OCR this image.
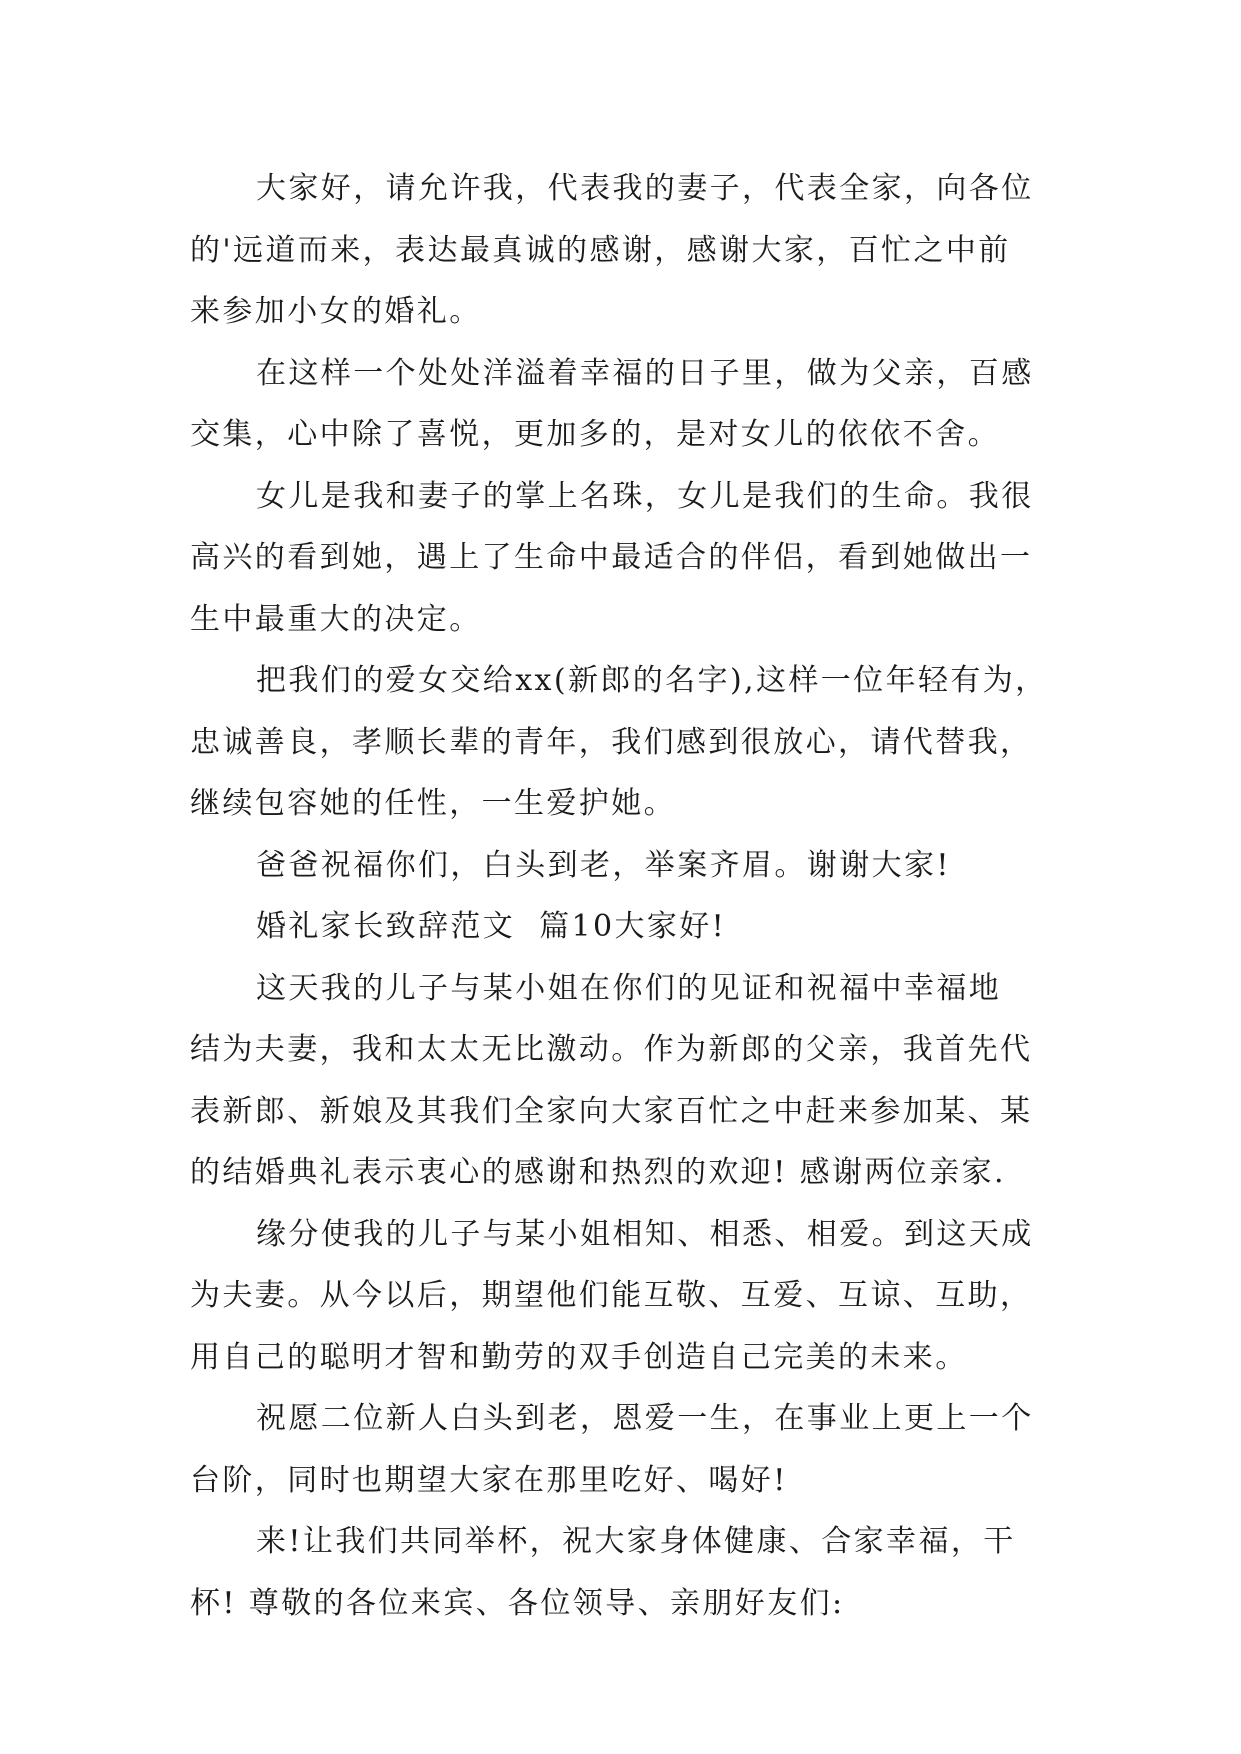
大家好，请允许我，代表我的妻子，代表全家，向各位
的'远道而来，表达最真诚的感谢，感谢大家，百忙之中前
来参加小女的婚礼。
在这样一个处处洋溢着幸福的日子里，做为父亲，百感
交集，心中除了喜悦，更加多的，是对女儿的依依不舍。
女儿是我和妻子的掌上名珠，女儿是我们的生命。我很
高兴的看到她，遇上了生命中最适合的伴侣，看到她做出一
生中最重大的决定。
把我们的爱女交给xx(新郎的名字),这样一位年轻有为，
忠诚善良，孝顺长辈的青年，我们感到很放心，请代替我，
继续包容她的任性，一生爱护她。
爸爸祝福你们，白头到老，举案齐眉。谢谢大家!
婚礼家长致辞范文  篇10大家好!
这天我的儿子与某小姐在你们的见证和祝福中幸福地
结为夫妻，我和太太无比激动。作为新郎的父亲，我首先代
表新郎、新娘及其我们全家向大家百忙之中赶来参加某、某
的结婚典礼表示衷心的感谢和热烈的欢迎! 感谢两位亲家.
缘分使我的儿子与某小姐相知、相悉、相爱。到这天成
为夫妻。从今以后，期望他们能互敬、互爱、互谅、互助，
用自己的聪明才智和勤劳的双手创造自己完美的未来。
祝愿二位新人白头到老，恩爱一生，在事业上更上一个
台阶，同时也期望大家在那里吃好、喝好!
来!让我们共同举杯，祝大家身体健康、合家幸福，干
杯! 尊敬的各位来宾、各位领导、亲朋好友们:
